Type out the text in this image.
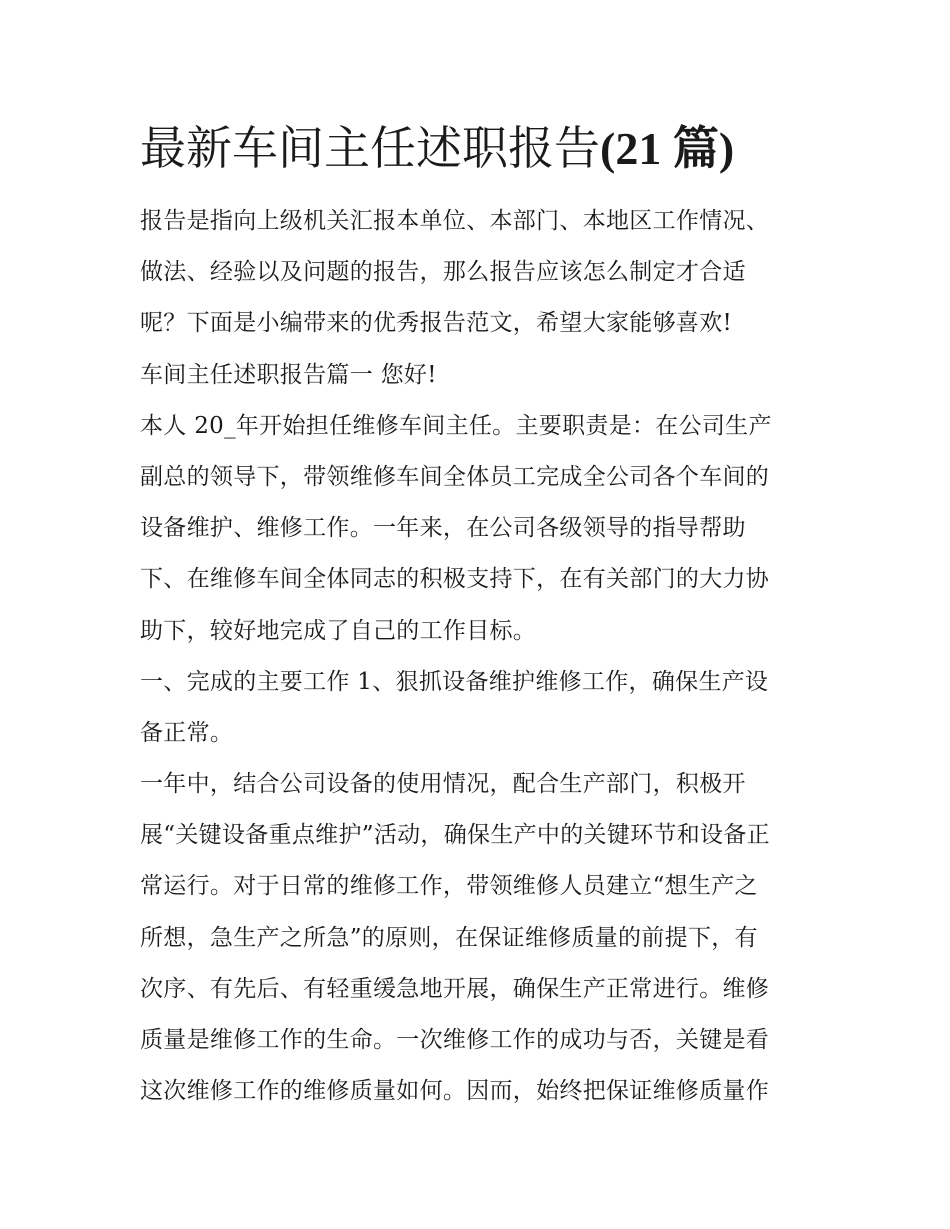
最新车间主任述职报告(21 篇)
报告是指向上级机关汇报本单位、本部门、本地区工作情况、
做法、经验以及问题的报告，那么报告应该怎么制定才合适
呢？下面是小编带来的优秀报告范文，希望大家能够喜欢!
车间主任述职报告篇一 您好!
本人 20_年开始担任维修车间主任。主要职责是：在公司生产
副总的领导下，带领维修车间全体员工完成全公司各个车间的
设备维护、维修工作。一年来，在公司各级领导的指导帮助
下、在维修车间全体同志的积极支持下，在有关部门的大力协
助下，较好地完成了自己的工作目标。
一、完成的主要工作 1、狠抓设备维护维修工作，确保生产设
备正常。
一年中，结合公司设备的使用情况，配合生产部门，积极开
展“关键设备重点维护”活动，确保生产中的关键环节和设备正
常运行。对于日常的维修工作，带领维修人员建立“想生产之
所想，急生产之所急”的原则，在保证维修质量的前提下，有
次序、有先后、有轻重缓急地开展，确保生产正常进行。维修
质量是维修工作的生命。一次维修工作的成功与否，关键是看
这次维修工作的维修质量如何。因而，始终把保证维修质量作
